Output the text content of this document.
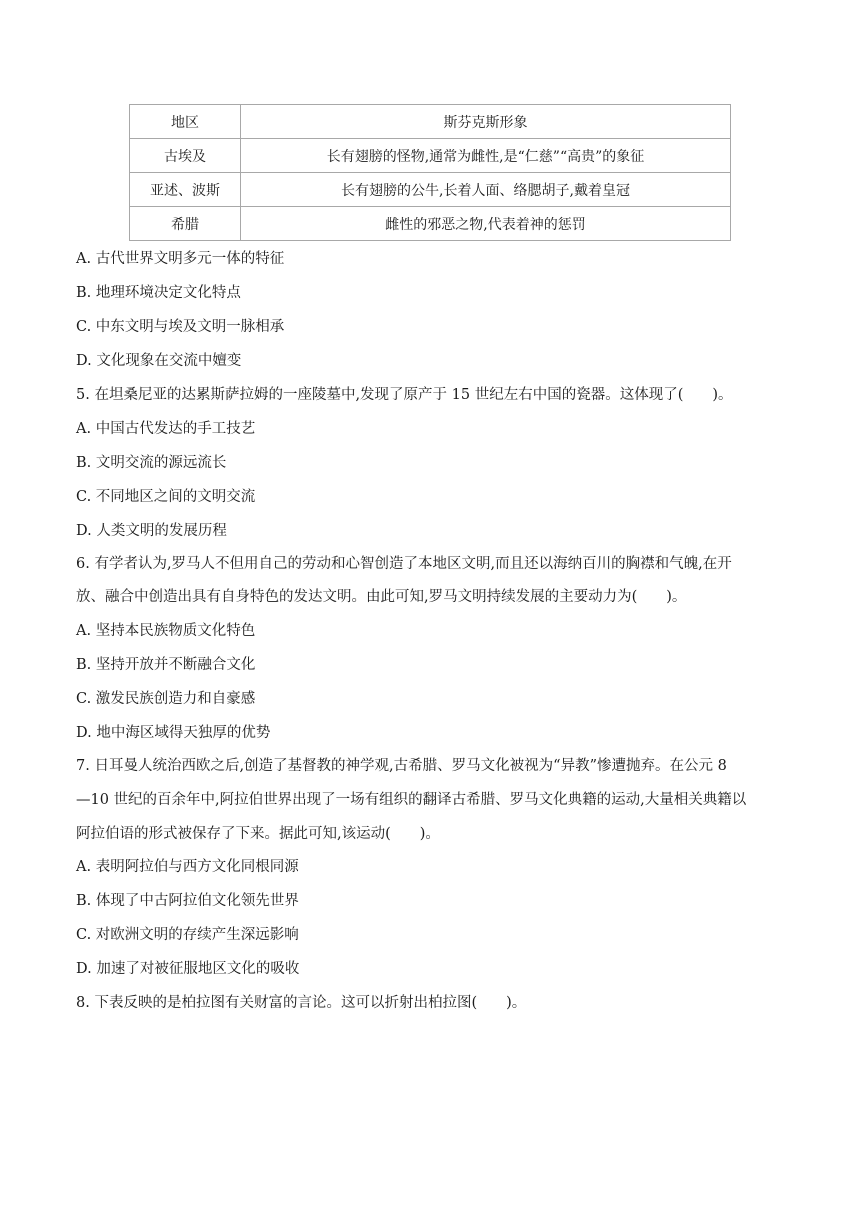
地区	斯芬克斯形象
古埃及	长有翅膀的怪物,通常为雌性,是“仁慈”“高贵”的象征
亚述、波斯	长有翅膀的公牛,长着人面、络腮胡子,戴着皇冠
希腊	雌性的邪恶之物,代表着神的惩罚
A. 古代世界文明多元一体的特征
B. 地理环境决定文化特点
C. 中东文明与埃及文明一脉相承
D. 文化现象在交流中嬗变
5. 在坦桑尼亚的达累斯萨拉姆的一座陵墓中,发现了原产于 15 世纪左右中国的瓷器。这体现了(　　)。
A. 中国古代发达的手工技艺
B. 文明交流的源远流长
C. 不同地区之间的文明交流
D. 人类文明的发展历程
6. 有学者认为,罗马人不但用自己的劳动和心智创造了本地区文明,而且还以海纳百川的胸襟和气魄,在开
放、融合中创造出具有自身特色的发达文明。由此可知,罗马文明持续发展的主要动力为(　　)。
A. 坚持本民族物质文化特色
B. 坚持开放并不断融合文化
C. 激发民族创造力和自豪感
D. 地中海区域得天独厚的优势
7. 日耳曼人统治西欧之后,创造了基督教的神学观,古希腊、罗马文化被视为“异教”惨遭抛弃。在公元 8
—10 世纪的百余年中,阿拉伯世界出现了一场有组织的翻译古希腊、罗马文化典籍的运动,大量相关典籍以
阿拉伯语的形式被保存了下来。据此可知,该运动(　　)。
A. 表明阿拉伯与西方文化同根同源
B. 体现了中古阿拉伯文化领先世界
C. 对欧洲文明的存续产生深远影响
D. 加速了对被征服地区文化的吸收
8. 下表反映的是柏拉图有关财富的言论。这可以折射出柏拉图(　　)。
